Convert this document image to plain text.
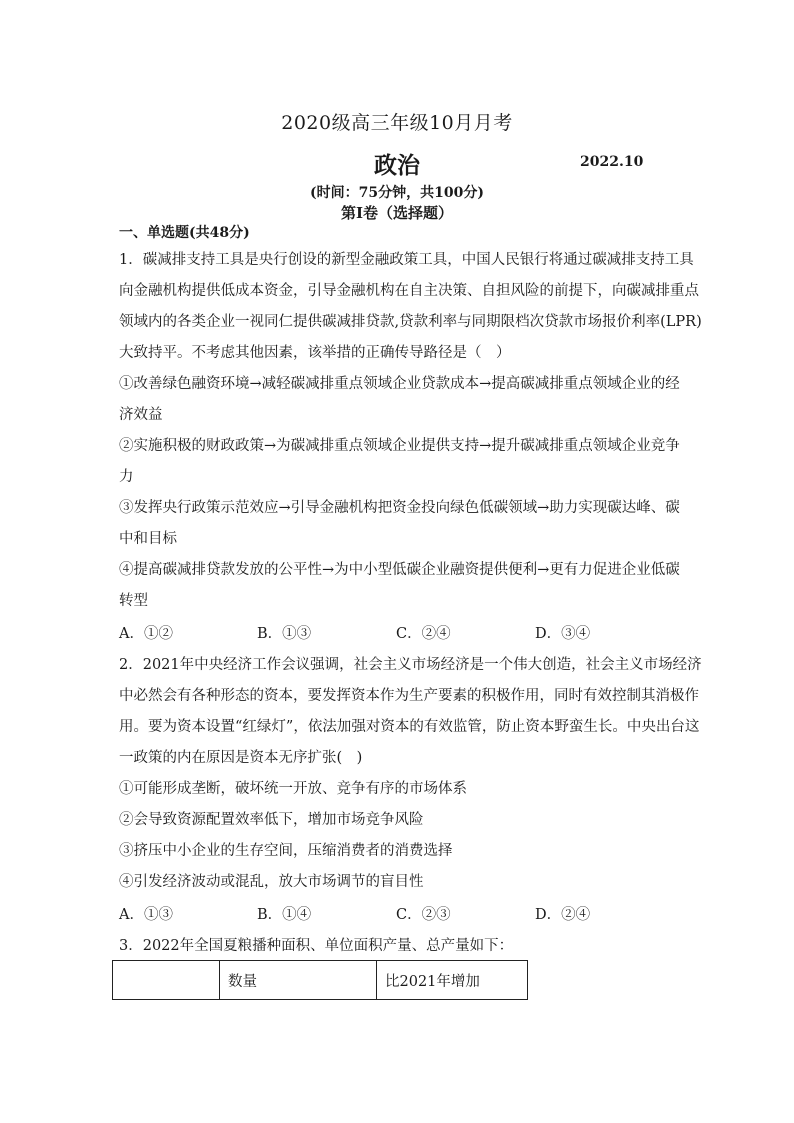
2020级高三年级10月月考
政治	2022.10
(时间：75分钟，共100分)
第I卷（选择题）
一、单选题(共48分)
1．碳减排支持工具是央行创设的新型金融政策工具，中国人民银行将通过碳减排支持工具
向金融机构提供低成本资金，引导金融机构在自主决策、自担风险的前提下，向碳减排重点
领域内的各类企业一视同仁提供碳减排贷款,贷款利率与同期限档次贷款市场报价利率(LPR)
大致持平。不考虑其他因素，该举措的正确传导路径是（　）
①改善绿色融资环境→减轻碳减排重点领域企业贷款成本→提高碳减排重点领域企业的经
济效益
②实施积极的财政政策→为碳减排重点领域企业提供支持→提升碳减排重点领域企业竞争
力
③发挥央行政策示范效应→引导金融机构把资金投向绿色低碳领域→助力实现碳达峰、碳
中和目标
④提高碳减排贷款发放的公平性→为中小型低碳企业融资提供便利→更有力促进企业低碳
转型
A．①②	B．①③	C．②④	D．③④
2．2021年中央经济工作会议强调，社会主义市场经济是一个伟大创造，社会主义市场经济
中必然会有各种形态的资本，要发挥资本作为生产要素的积极作用，同时有效控制其消极作
用。要为资本设置“红绿灯”，依法加强对资本的有效监管，防止资本野蛮生长。中央出台这
一政策的内在原因是资本无序扩张(　)
①可能形成垄断，破坏统一开放、竞争有序的市场体系
②会导致资源配置效率低下，增加市场竞争风险
③挤压中小企业的生存空间，压缩消费者的消费选择
④引发经济波动或混乱，放大市场调节的盲目性
A．①③	B．①④	C．②③	D．②④
3．2022年全国夏粮播种面积、单位面积产量、总产量如下：
	数量	比2021年增加
